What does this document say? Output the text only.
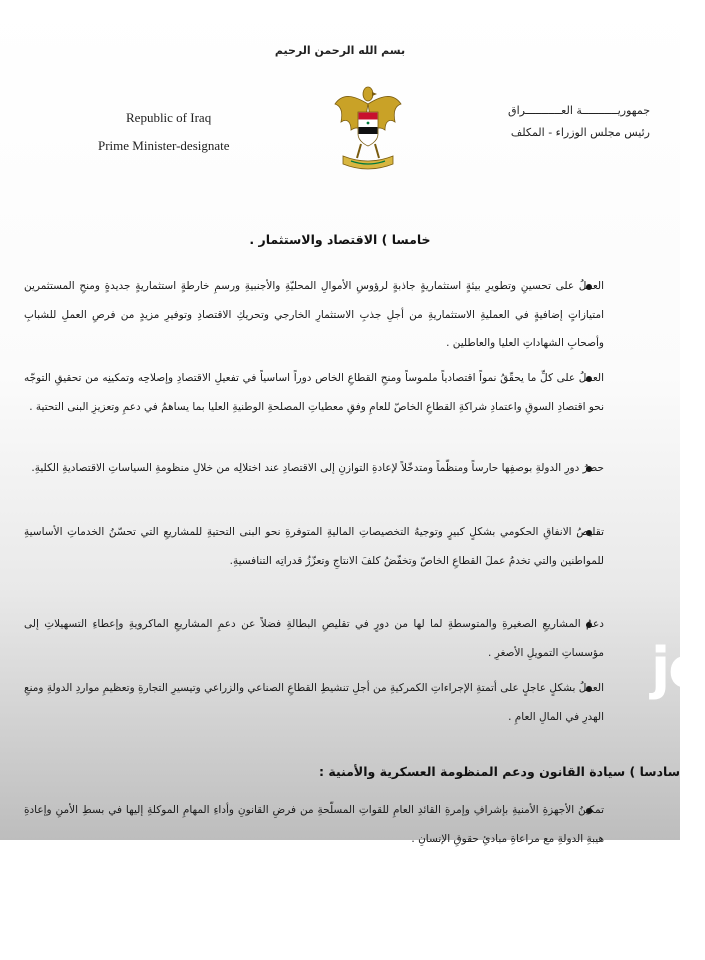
بسم الله الرحمن الرحيم
Republic of Iraq
Prime Minister-designate
جمهوريـــــــــــة العـــــــــــراق
رئيس مجلس الوزراء - المكلف
خامسا ) الاقتصاد والاستثمار .
العملُ على تحسينِ وتطويرِ بيئةٍ استثماريةٍ جاذبةٍ لرؤوسِ الأموالِ المحليّةِ والأجنبيةِ ورسمِ خارطةٍ استثماريةٍ جديدةٍ ومنحِ المستثمرين امتيازاتٍ إضافيةٍ في العمليةِ الاستثماريةِ من أجلِ جذبِ الاستثمارِ الخارجي وتحريكِ الاقتصادِ وتوفيرِ مزيدٍ من فرصِ العملِ للشبابِ وأصحابِ الشهاداتِ العليا والعاطلين .
العملُ على كلِّ ما يحقّقُ نمواً اقتصادياً ملموساً ومنحِ القطاعِ الخاص دوراً اساسياً في تفعيلِ الاقتصادِ وإصلاحِه وتمكينِه من تحقيقِ التوجّه نحو اقتصادِ السوقِ واعتمادِ شراكةِ القطاعِ الخاصّ للعامِ وفقِ معطياتِ المصلحةِ الوطنيةِ العليا بما يساهمُ في دعمِ وتعزيزِ البنى التحتية .
حصرُ دورِ الدولةِ بوصفِها حارساً ومنظّماً ومتدخّلاً لإعادةِ التوازنِ إلى الاقتصادِ عند اختلالِه من خلالِ منظومةِ السياساتِ الاقتصاديةِ الكليةِ.
تقليصُ الانفاقِ الحكومي بشكلٍ كبيرٍ وتوجيهُ التخصيصاتِ الماليةِ المتوفرةِ نحو البنى التحتيةِ للمشاريعِ التي تحسّنُ الخدماتِ الأساسيةِ للمواطنين والتي تخدمُ عملَ القطاعِ الخاصّ وتخفّضُ كلفَ الانتاجِ وتعزّزُ قدراتِه التنافسيةِ.
دعمُ المشاريعِ الصغيرةِ والمتوسطةِ لما لها من دورٍ في تقليصِ البطالةِ فضلاً عن دعمِ المشاريعِ الماكرويةِ وإعطاءِ التسهيلاتِ إلى مؤسساتِ التمويلِ الأصغرِ .
العملُ بشكلٍ عاجلٍ على أتمتةِ الإجراءاتِ الكمركيةِ من أجلِ تنشيطِ القطاعِ الصناعي والزراعي وتيسيرِ التجارةِ وتعظيمِ مواردِ الدولةِ ومنعِ الهدرِ في المالِ العامِ .
سادسا ) سيادة القانون ودعم المنظومة العسكرية والأمنية :
تمكينُ الأجهزةِ الأمنيةِ بإشرافِ وإمرةِ القائدِ العامِ للقواتِ المسلّحةِ من فرضِ القانونِ وأداءِ المهامِ الموكلةِ إليها في بسطِ الأمنِ وإعادةِ هيبةِ الدولةِ مع مراعاةِ مبادئِ حقوقِ الإنسانِ .
jo
